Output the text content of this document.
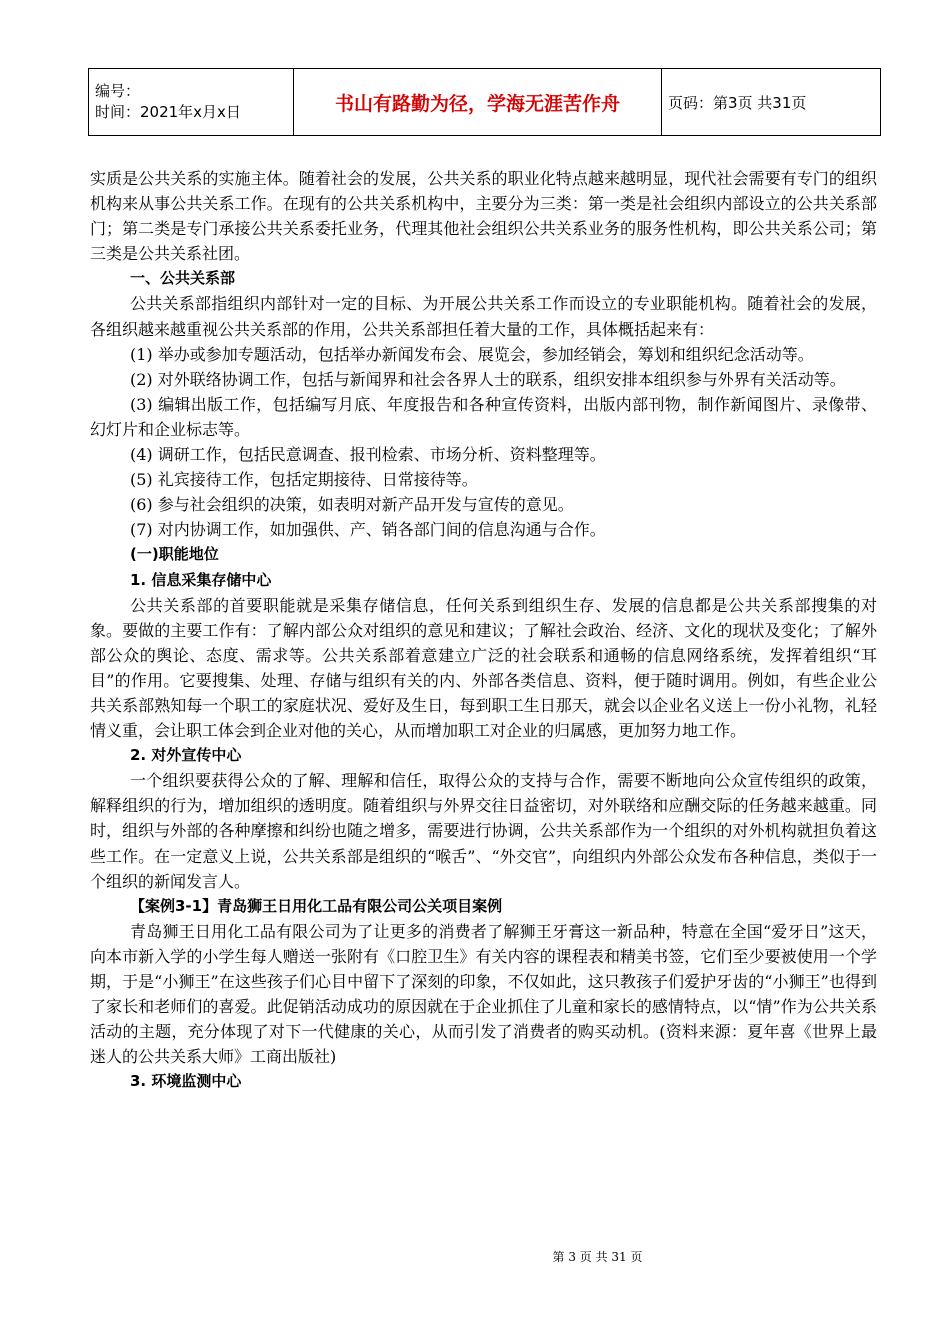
编号：
时间：2021年x月x日	书山有路勤为径，学海无涯苦作舟	页码：第3页 共31页

实质是公共关系的实施主体。随着社会的发展，公共关系的职业化特点越来越明显，现代社会需要有专门的组织机构来从事公共关系工作。在现有的公共关系机构中，主要分为三类：第一类是社会组织内部设立的公共关系部门；第二类是专门承接公共关系委托业务，代理其他社会组织公共关系业务的服务性机构，即公共关系公司；第三类是公共关系社团。

一、公共关系部

公共关系部指组织内部针对一定的目标、为开展公共关系工作而设立的专业职能机构。随着社会的发展，各组织越来越重视公共关系部的作用，公共关系部担任着大量的工作，具体概括起来有：

(1) 举办或参加专题活动，包括举办新闻发布会、展览会，参加经销会，筹划和组织纪念活动等。

(2) 对外联络协调工作，包括与新闻界和社会各界人士的联系，组织安排本组织参与外界有关活动等。

(3) 编辑出版工作，包括编写月底、年度报告和各种宣传资料，出版内部刊物，制作新闻图片、录像带、幻灯片和企业标志等。

(4) 调研工作，包括民意调查、报刊检索、市场分析、资料整理等。

(5) 礼宾接待工作，包括定期接待、日常接待等。

(6) 参与社会组织的决策，如表明对新产品开发与宣传的意见。

(7) 对内协调工作，如加强供、产、销各部门间的信息沟通与合作。

(一)职能地位

1. 信息采集存储中心

公共关系部的首要职能就是采集存储信息，任何关系到组织生存、发展的信息都是公共关系部搜集的对象。要做的主要工作有：了解内部公众对组织的意见和建议；了解社会政治、经济、文化的现状及变化；了解外部公众的舆论、态度、需求等。公共关系部着意建立广泛的社会联系和通畅的信息网络系统，发挥着组织“耳目”的作用。它要搜集、处理、存储与组织有关的内、外部各类信息、资料，便于随时调用。例如，有些企业公共关系部熟知每一个职工的家庭状况、爱好及生日，每到职工生日那天，就会以企业名义送上一份小礼物，礼轻情义重，会让职工体会到企业对他的关心，从而增加职工对企业的归属感，更加努力地工作。

2. 对外宣传中心

一个组织要获得公众的了解、理解和信任，取得公众的支持与合作，需要不断地向公众宣传组织的政策，解释组织的行为，增加组织的透明度。随着组织与外界交往日益密切，对外联络和应酬交际的任务越来越重。同时，组织与外部的各种摩擦和纠纷也随之增多，需要进行协调，公共关系部作为一个组织的对外机构就担负着这些工作。在一定意义上说，公共关系部是组织的“喉舌”、“外交官”，向组织内外部公众发布各种信息，类似于一个组织的新闻发言人。

【案例3-1】青岛狮王日用化工品有限公司公关项目案例

青岛狮王日用化工品有限公司为了让更多的消费者了解狮王牙膏这一新品种，特意在全国“爱牙日”这天，向本市新入学的小学生每人赠送一张附有《口腔卫生》有关内容的课程表和精美书签，它们至少要被使用一个学期，于是“小狮王”在这些孩子们心目中留下了深刻的印象，不仅如此，这只教孩子们爱护牙齿的“小狮王”也得到了家长和老师们的喜爱。此促销活动成功的原因就在于企业抓住了儿童和家长的感情特点，以“情”作为公共关系活动的主题，充分体现了对下一代健康的关心，从而引发了消费者的购买动机。(资料来源：夏年喜《世界上最迷人的公共关系大师》工商出版社)

3. 环境监测中心

第 3 页 共 31 页
